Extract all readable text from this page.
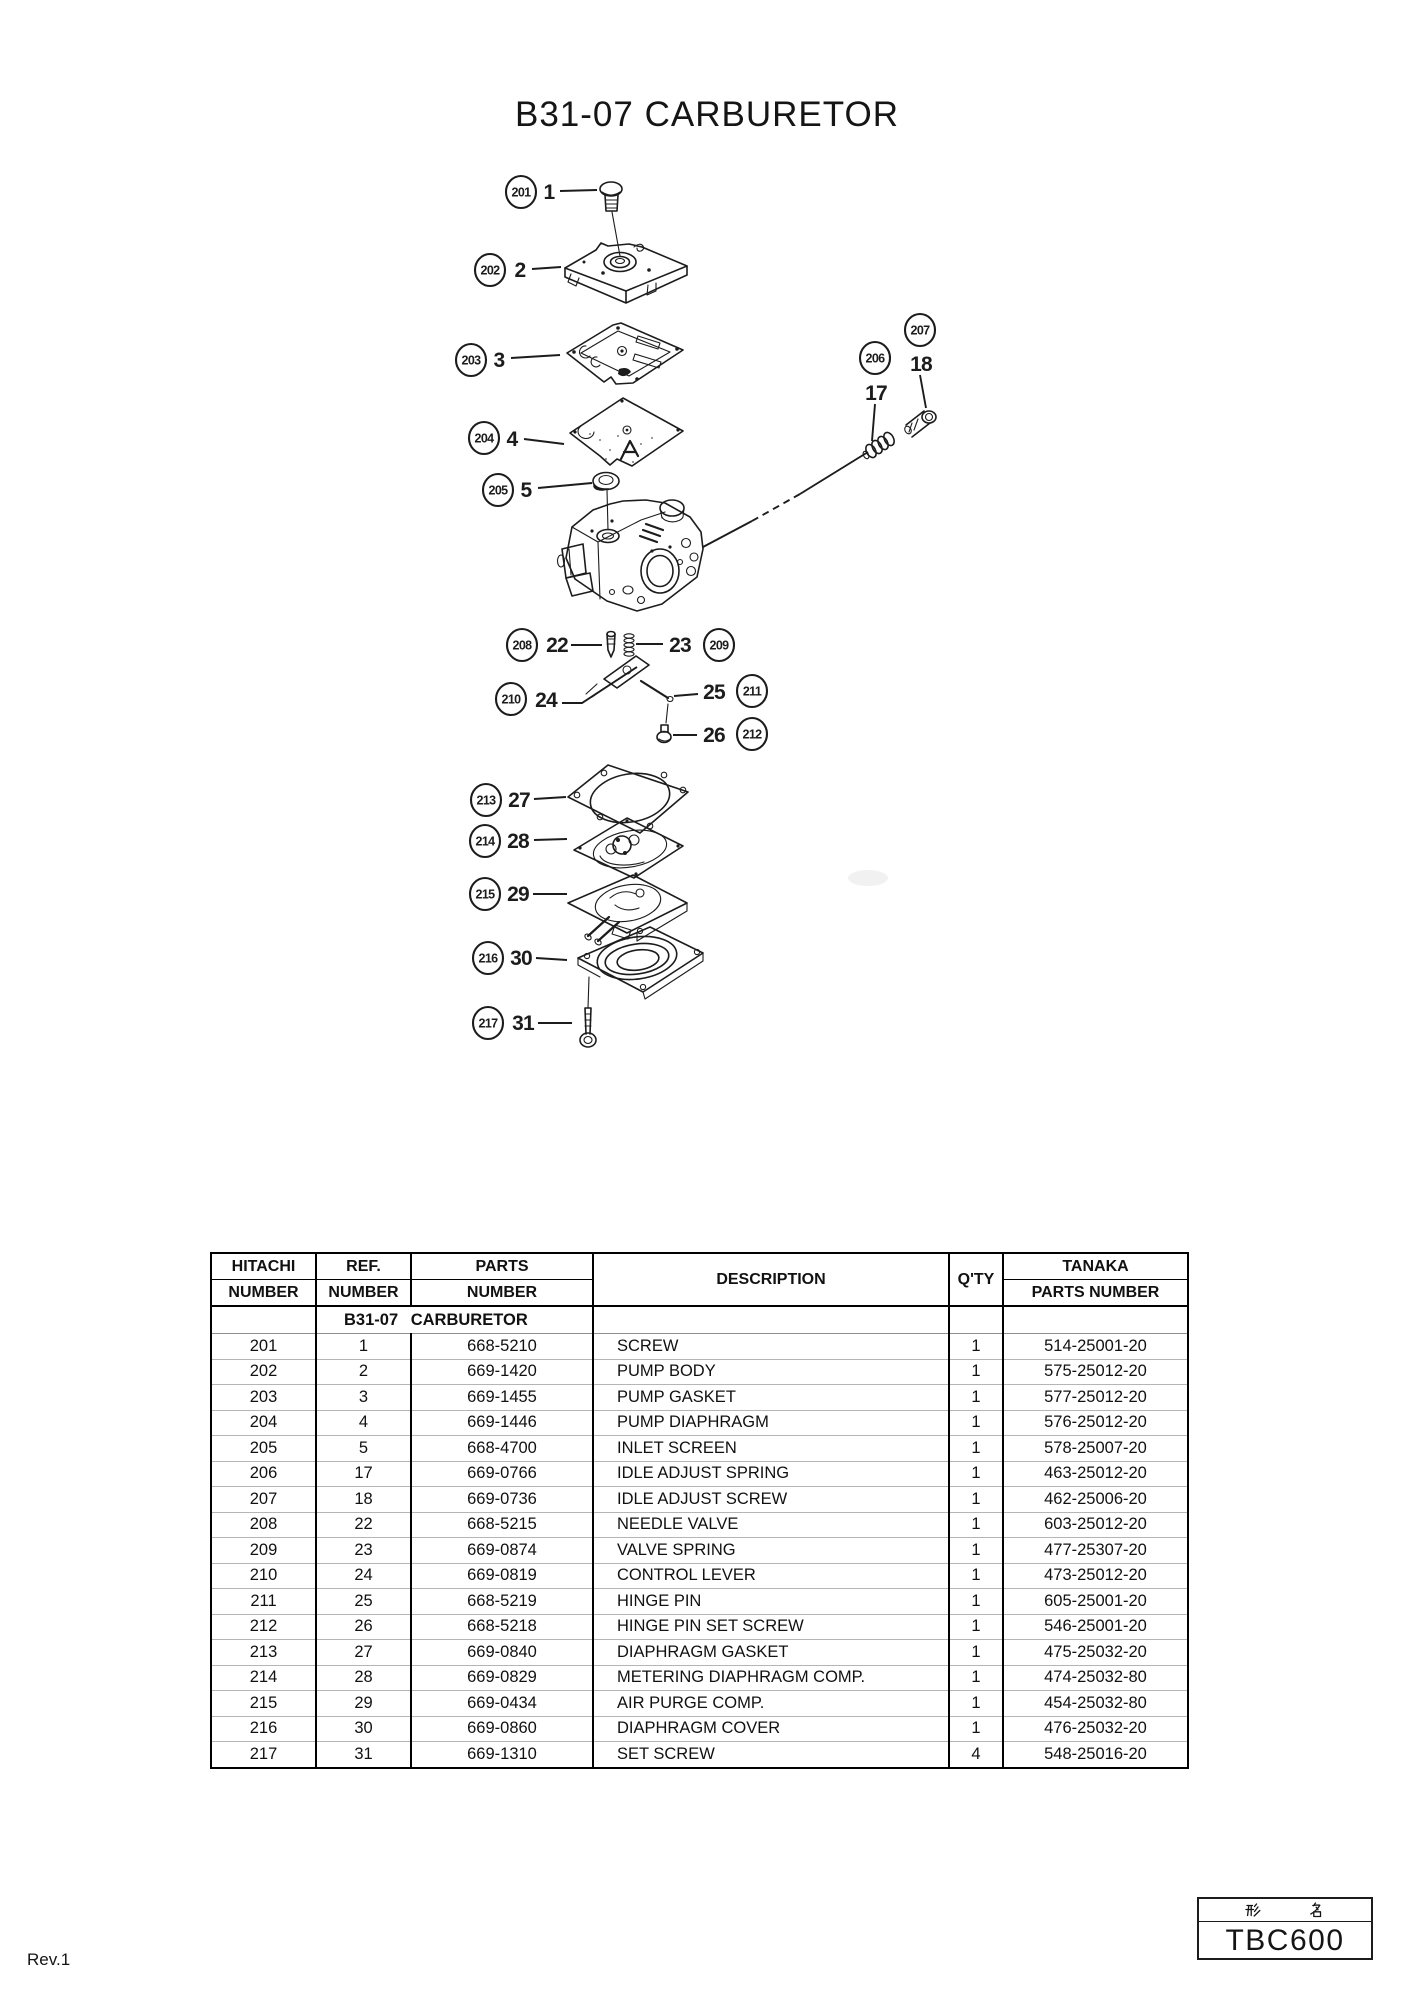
B31-07 CARBURETOR
201 1
202 2
203 3
204 4
205 5
206
17
207
18
208 22	209
23
210 24	211
25
212
26
213 27
214 28
215 29
216 30
217 31
HITACHI	REF.	PARTS	DESCRIPTION	Q'TY	TANAKA
NUMBER	NUMBER	NUMBER			PARTS NUMBER
	B31-07 CARBURETOR				
201	1	668-5210	SCREW	1	514-25001-20
202	2	669-1420	PUMP BODY	1	575-25012-20
203	3	669-1455	PUMP GASKET	1	577-25012-20
204	4	669-1446	PUMP DIAPHRAGM	1	576-25012-20
205	5	668-4700	INLET SCREEN	1	578-25007-20
206	17	669-0766	IDLE ADJUST SPRING	1	463-25012-20
207	18	669-0736	IDLE ADJUST SCREW	1	462-25006-20
208	22	668-5215	NEEDLE VALVE	1	603-25012-20
209	23	669-0874	VALVE SPRING	1	477-25307-20
210	24	669-0819	CONTROL LEVER	1	473-25012-20
211	25	668-5219	HINGE PIN	1	605-25001-20
212	26	668-5218	HINGE PIN SET SCREW	1	546-25001-20
213	27	669-0840	DIAPHRAGM GASKET	1	475-25032-20
214	28	669-0829	METERING DIAPHRAGM COMP.	1	474-25032-80
215	29	669-0434	AIR PURGE COMP.	1	454-25032-80
216	30	669-0860	DIAPHRAGM COVER	1	476-25032-20
217	31	669-1310	SET SCREW	4	548-25016-20
Rev.1
TBC600
